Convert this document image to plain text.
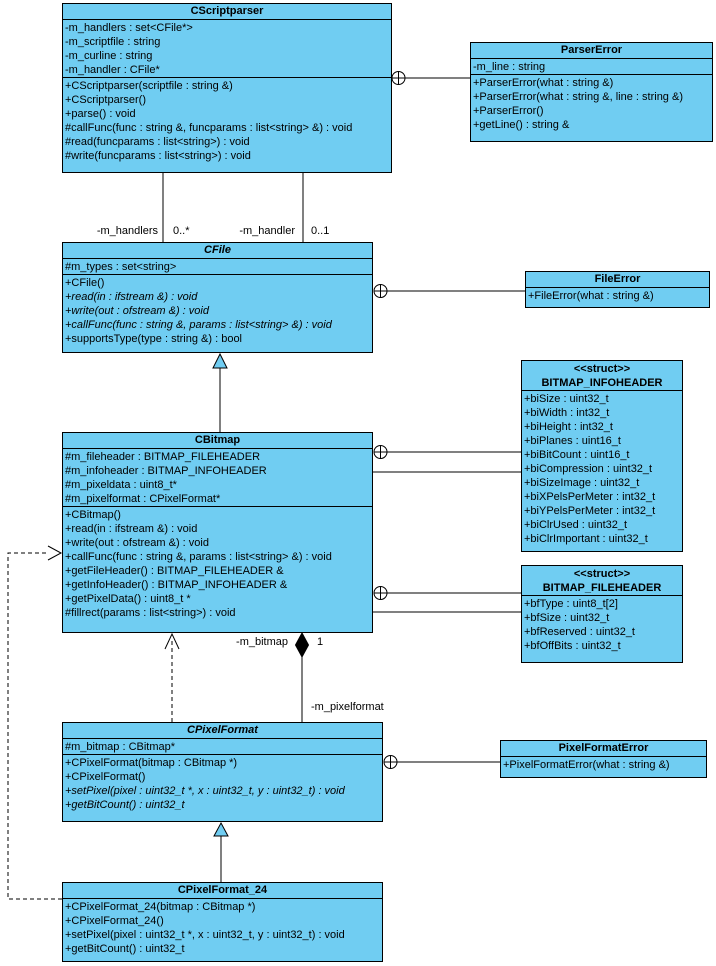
CScriptparser
-m_handlers : set<CFile*>
-m_scriptfile : string
-m_curline : string
-m_handler : CFile*
+CScriptparser(scriptfile : string &)
+CScriptparser()
+parse() : void
#callFunc(func : string &, funcparams : list<string> &) : void
#read(funcparams : list<string>) : void
#write(funcparams : list<string>) : void
ParserError
-m_line : string
+ParserError(what : string &)
+ParserError(what : string &, line : string &)
+ParserError()
+getLine() : string &
CFile
#m_types : set<string>
+CFile()
+read(in : ifstream &) : void
+write(out : ofstream &) : void
+callFunc(func : string &, params : list<string> &) : void
+supportsType(type : string &) : bool
FileError
+FileError(what : string &)
<<struct>>
BITMAP_INFOHEADER
+biSize : uint32_t
+biWidth : int32_t
+biHeight : int32_t
+biPlanes : uint16_t
+biBitCount : uint16_t
+biCompression : uint32_t
+biSizeImage : uint32_t
+biXPelsPerMeter : int32_t
+biYPelsPerMeter : int32_t
+biClrUsed : uint32_t
+biClrImportant : uint32_t
CBitmap
#m_fileheader : BITMAP_FILEHEADER
#m_infoheader : BITMAP_INFOHEADER
#m_pixeldata : uint8_t*
#m_pixelformat : CPixelFormat*
+CBitmap()
+read(in : ifstream &) : void
+write(out : ofstream &) : void
+callFunc(func : string &, params : list<string> &) : void
+getFileHeader() : BITMAP_FILEHEADER &
+getInfoHeader() : BITMAP_INFOHEADER &
+getPixelData() : uint8_t *
#fillrect(params : list<string>) : void
<<struct>>
BITMAP_FILEHEADER
+bfType : uint8_t[2]
+bfSize : uint32_t
+bfReserved : uint32_t
+bfOffBits : uint32_t
CPixelFormat
#m_bitmap : CBitmap*
+CPixelFormat(bitmap : CBitmap *)
+CPixelFormat()
+setPixel(pixel : uint32_t *, x : uint32_t, y : uint32_t) : void
+getBitCount() : uint32_t
PixelFormatError
+PixelFormatError(what : string &)
CPixelFormat_24
+CPixelFormat_24(bitmap : CBitmap *)
+CPixelFormat_24()
+setPixel(pixel : uint32_t *, x : uint32_t, y : uint32_t) : void
+getBitCount() : uint32_t
-m_handlers 0..*	-m_handler 0..1
-m_bitmap	1
-m_pixelformat
